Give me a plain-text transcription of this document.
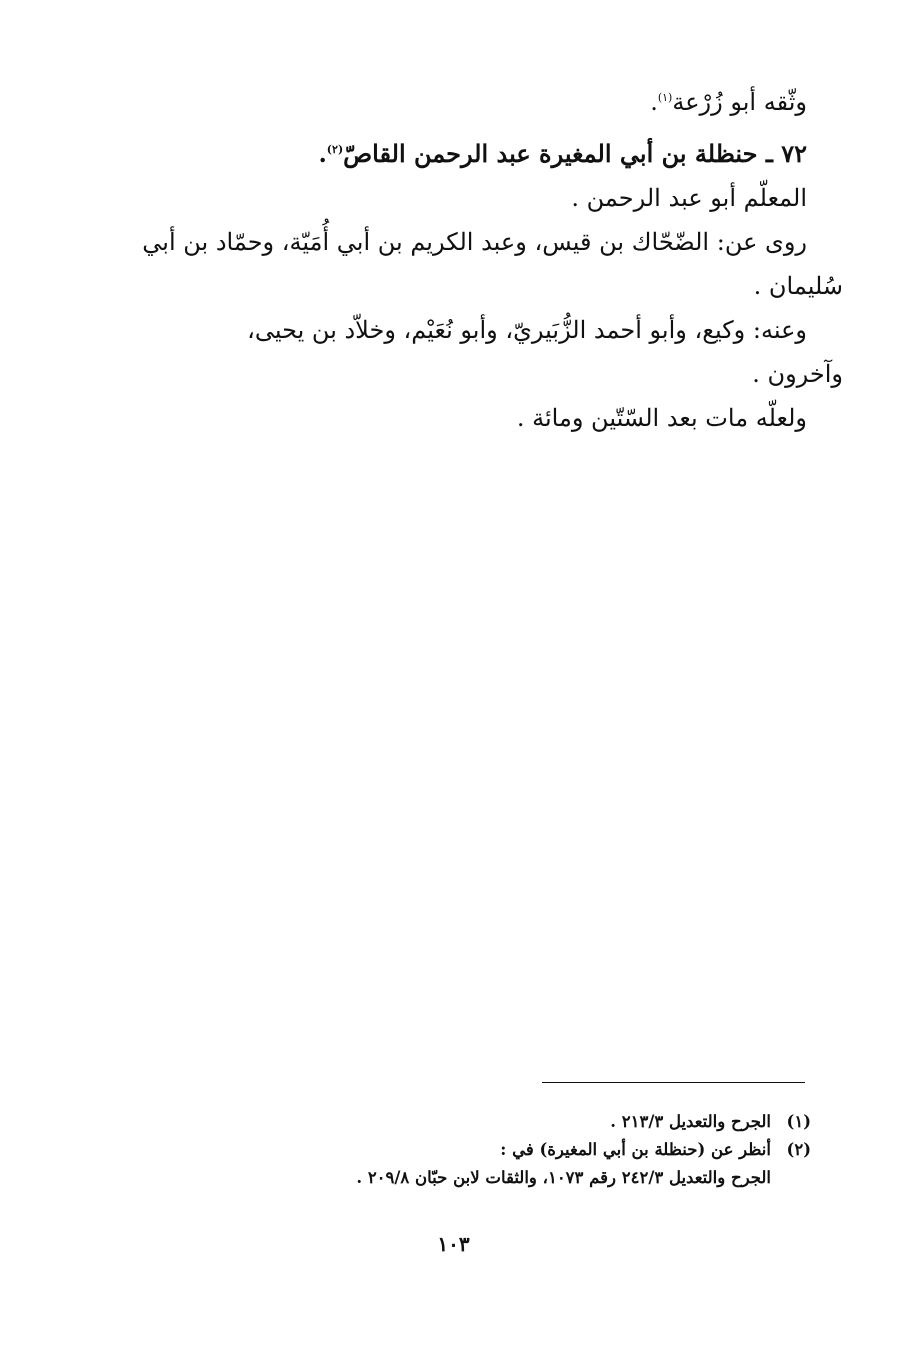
وثّقه أبو زُرْعة$^{(١)}$.

٧٢ ـ حنظلة بن أبي المغيرة عبد الرحمن القاصّ$^{(٢)}$.

المعلّم أبو عبد الرحمن .

روى عن: الضّحّاك بن قيس، وعبد الكريم بن أبي أُمَيّة، وحمّاد بن أبي

سُليمان .

وعنه: وكيع، وأبو أحمد الزُّبَيريّ، وأبو نُعَيْم، وخلاّد بن يحيى،

وآخرون .

ولعلّه مات بعد السّتّين ومائة .

(١)
الجرح والتعديل ٢١٣/٣ .
(٢)
أنظر عن (حنظلة بن أبي المغيرة) في :
الجرح والتعديل ٢٤٢/٣ رقم ١٠٧٣، والثقات لابن حبّان ٢٠٩/٨ .
١٠٣
